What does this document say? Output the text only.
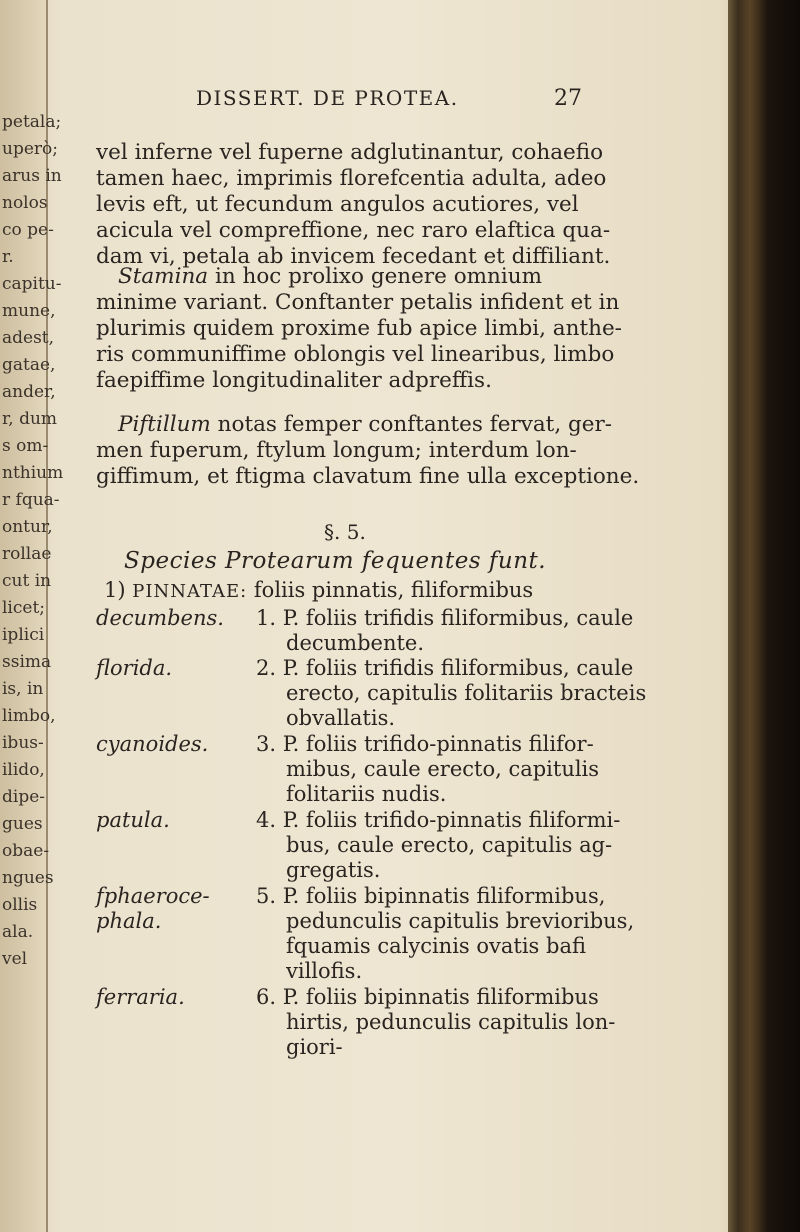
petala;
uperò;
arus in
nolos
co pe-
r.
capitu-
mune,
adest,
gatae,
ander,
r, dum
s om-
nthium
r fqua-
ontur,
rollae
cut in
licet;
iplici
ssima
is, in
limbo,
ibus-
ilido,
dipe-
gues
obae-
ngues
ollis
ala.
vel
DISSERT. DE PROTEA.	27

vel inferne vel fuperne adglutinantur, cohaefio
tamen haec, imprimis florefcentia adulta, adeo
levis eft, ut fecundum angulos acutiores, vel
acicula vel compreffione, nec raro elaftica qua-
dam vi, petala ab invicem fecedant et diffiliant.

Stamina in hoc prolixo genere omnium
minime variant. Conftanter petalis infident et in
plurimis quidem proxime fub apice limbi, anthe-
ris communiffime oblongis vel linearibus, limbo
faepiffime longitudinaliter adpreffis.

Piftillum notas femper conftantes fervat, ger-
men fuperum, ftylum longum; interdum lon-
giffimum, et ftigma clavatum fine ulla exceptione.

§. 5.
Species Protearum fequentes funt.
1) PINNATAE: foliis pinnatis, filiformibus
decumbens.	1. P. foliis trifidis filiformibus, caule
decumbente.
florida.	2. P. foliis trifidis filiformibus, caule
erecto, capitulis folitariis bracteis
obvallatis.
cyanoides.	3. P. foliis trifido-pinnatis filifor-
mibus, caule erecto, capitulis
folitariis nudis.
patula.	4. P. foliis trifido-pinnatis filiformi-
bus, caule erecto, capitulis ag-
gregatis.
fphaeroce- phala.
5. P. foliis bipinnatis filiformibus,
pedunculis capitulis brevioribus,
fquamis calycinis ovatis bafi
villofis.
ferraria.	6. P. foliis bipinnatis filiformibus
hirtis, pedunculis capitulis lon-
giori-
